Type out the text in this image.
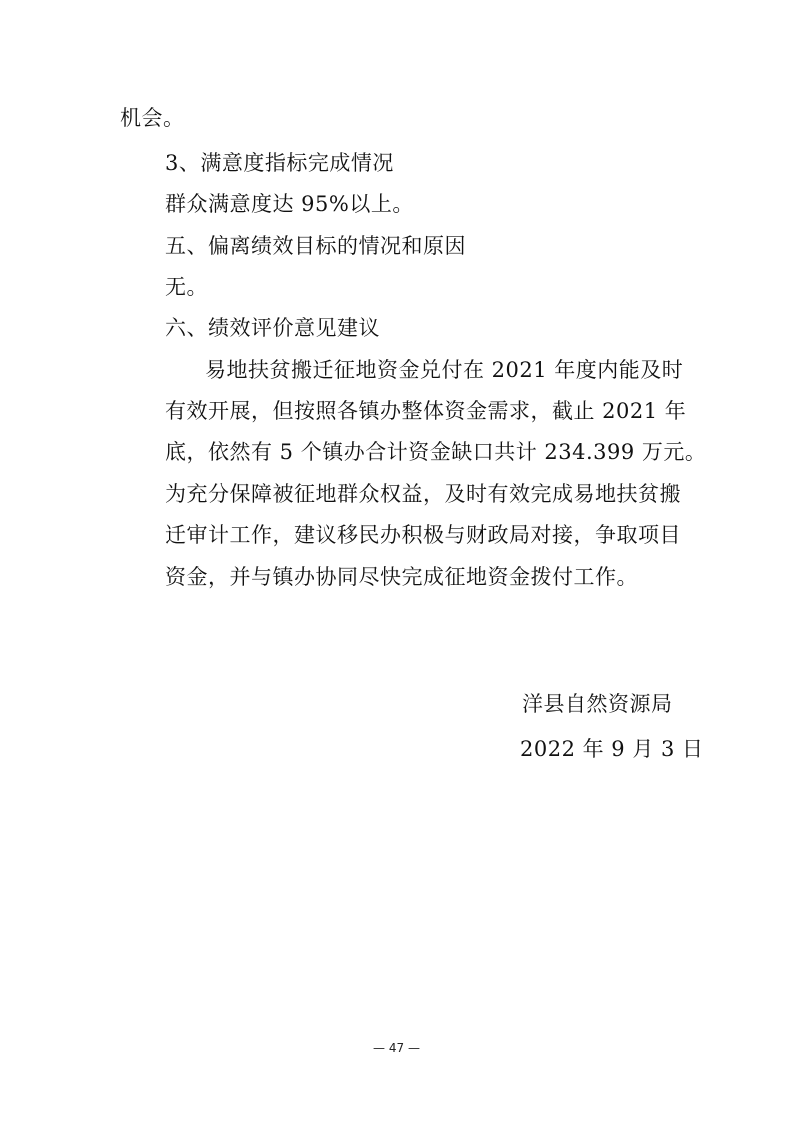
机会。
3、满意度指标完成情况
群众满意度达 95%以上。
五、偏离绩效目标的情况和原因
无。
六、绩效评价意见建议
易地扶贫搬迁征地资金兑付在 2021 年度内能及时
有效开展，但按照各镇办整体资金需求，截止 2021 年
底，依然有 5 个镇办合计资金缺口共计 234.399 万元。
为充分保障被征地群众权益，及时有效完成易地扶贫搬
迁审计工作，建议移民办积极与财政局对接，争取项目
资金，并与镇办协同尽快完成征地资金拨付工作。
洋县自然资源局
2022 年 9 月 3 日
— 47 —
